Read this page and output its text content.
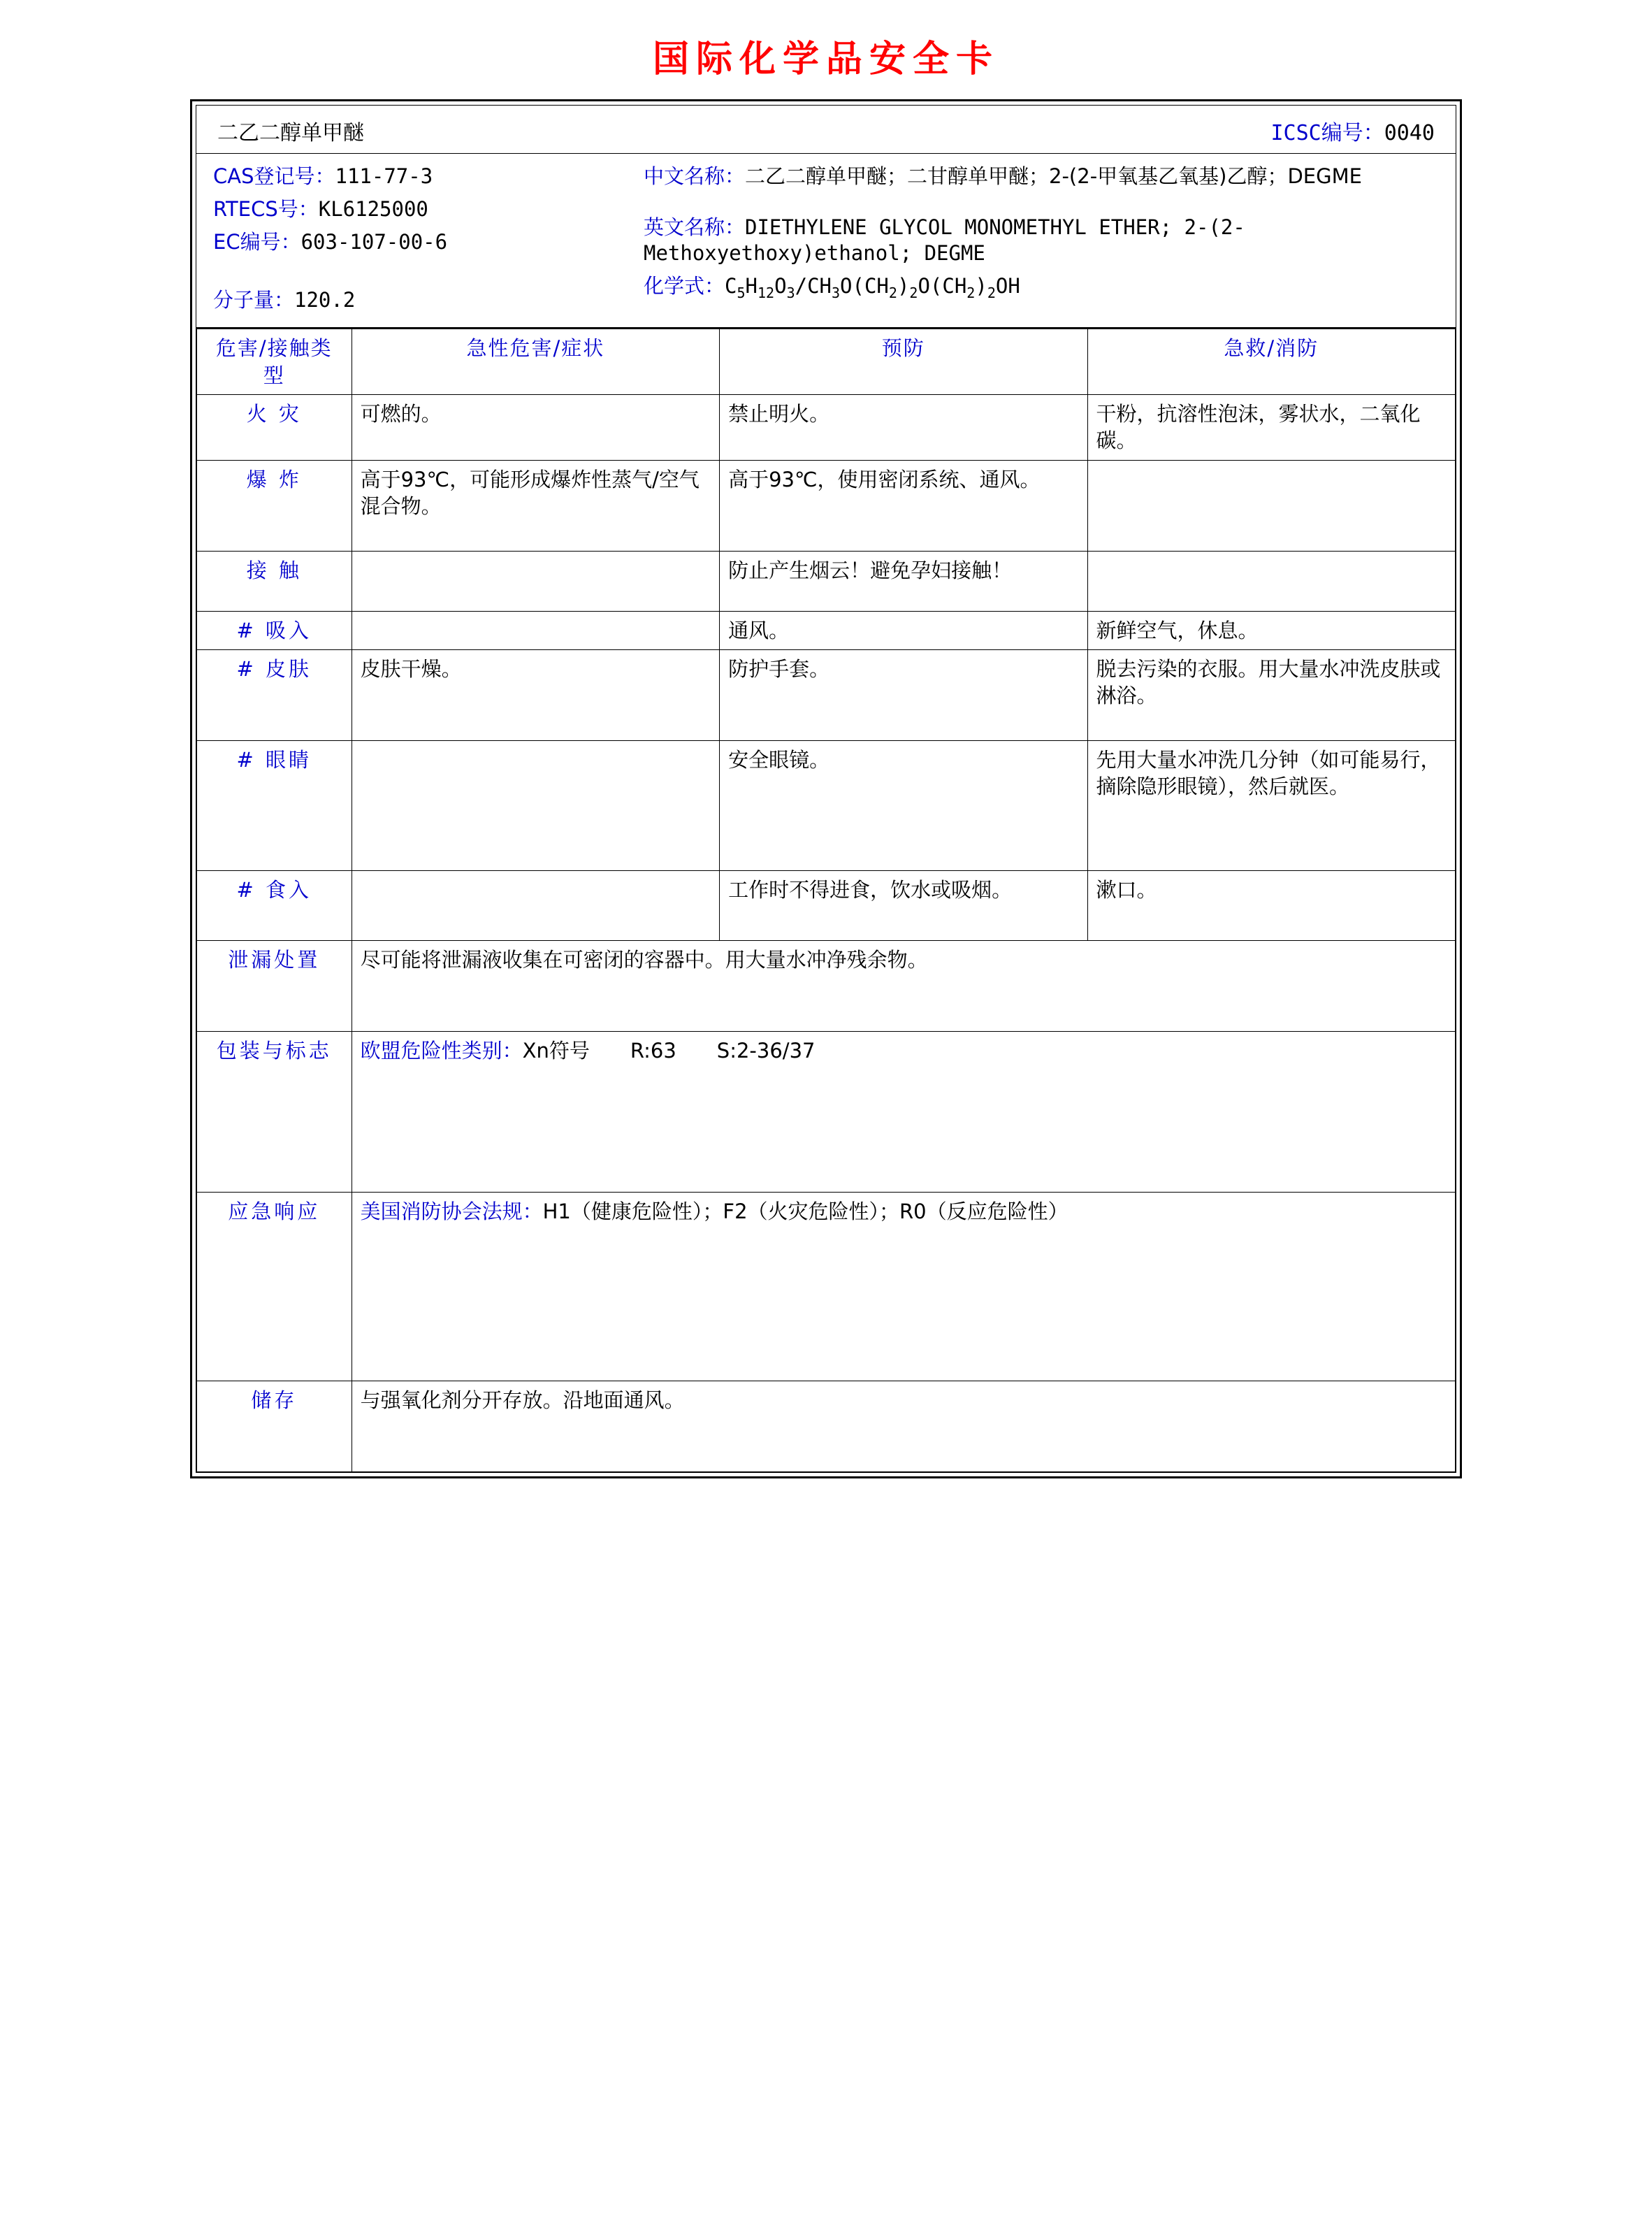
国际化学品安全卡
二乙二醇单甲醚	ICSC编号：0040
CAS登记号：111-77-3
RTECS号：KL6125000
EC编号：603-107-00-6
分子量：120.2
中文名称：二乙二醇单甲醚；二甘醇单甲醚；2-(2-甲氧基乙氧基)乙醇；DEGME
英文名称：DIETHYLENE GLYCOL MONOMETHYL ETHER; 2-(2-Methoxyethoxy)ethanol; DEGME
化学式：$C_5H_{12}O_3/CH_3O(CH_2)_2O(CH_2)_2OH$
危害/接触类型	急性危害/症状	预防	急救/消防
火 灾	可燃的。	禁止明火。	干粉，抗溶性泡沫，雾状水，二氧化碳。
爆 炸	高于93℃，可能形成爆炸性蒸气/空气混合物。	高于93℃，使用密闭系统、通风。	
接 触		防止产生烟云！避免孕妇接触！	
# 吸入		通风。	新鲜空气，休息。
# 皮肤	皮肤干燥。	防护手套。	脱去污染的衣服。用大量水冲洗皮肤或淋浴。
# 眼睛		安全眼镜。	先用大量水冲洗几分钟（如可能易行，摘除隐形眼镜），然后就医。
# 食入		工作时不得进食，饮水或吸烟。	漱口。
泄漏处置	尽可能将泄漏液收集在可密闭的容器中。用大量水冲净残余物。		
包装与标志	欧盟危险性类别：Xn符号　　R:63　　S:2-36/37		
应急响应	美国消防协会法规：H1（健康危险性）；F2（火灾危险性）；R0（反应危险性）		
储存	与强氧化剂分开存放。沿地面通风。		
